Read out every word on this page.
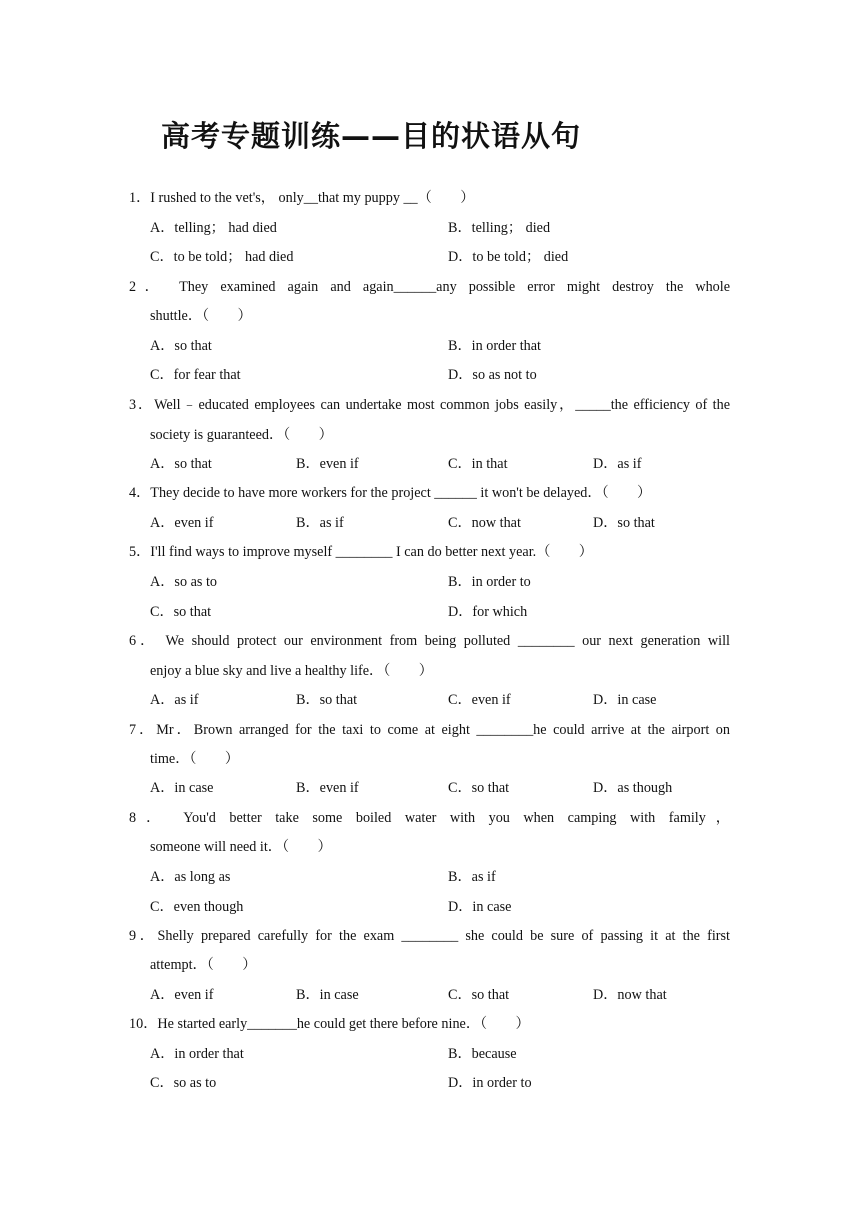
高考专题训练——目的状语从句
1．I rushed to the vet's， only__that my puppy __（　　）
A．telling； had died	B．telling； died
C．to be told； had died	D．to be told； died
2． They examined again and again______any possible error might destroy the whole
shuttle．（　　）
A．so that	B．in order that
C．for fear that	D．so as not to
3．Well﹣educated employees can undertake most common jobs easily，_____the efficiency of the
society is guaranteed．（　　）
A．so that	B．even if	C．in that	D．as if
4．They decide to have more workers for the project ______ it won't be delayed．（　　）
A．even if	B．as if	C．now that	D．so that
5．I'll find ways to improve myself ________ I can do better next year.（　　）
A．so as to	B．in order to
C．so that	D．for which
6． We should protect our environment from being polluted ________ our next generation will
enjoy a blue sky and live a healthy life．（　　）
A．as if	B．so that	C．even if	D．in case
7．Mr．Brown arranged for the taxi to come at eight ________he could arrive at the airport on
time．（　　）
A．in case	B．even if	C．so that	D．as though
8． You'd better take some boiled water with you when camping with family，
someone will need it．（　　）
A．as long as	B．as if
C．even though	D．in case
9．Shelly prepared carefully for the exam ________ she could be sure of passing it at the first
attempt．（　　）
A．even if	B．in case	C．so that	D．now that
10．He started early_______he could get there before nine．（　　）
A．in order that	B．because
C．so as to	D．in order to
